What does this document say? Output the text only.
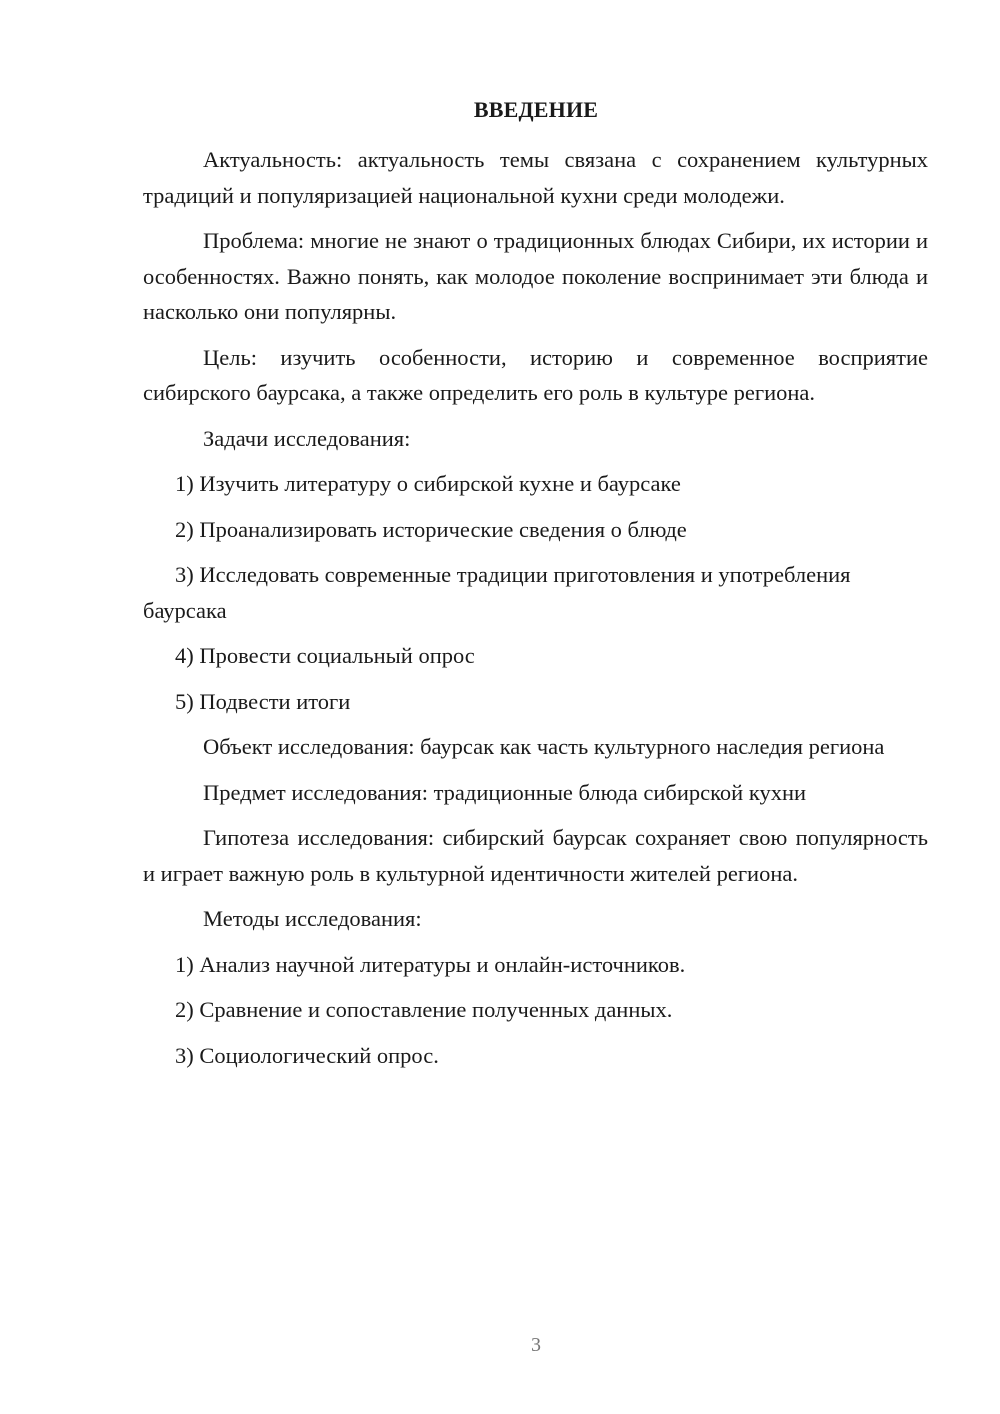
ВВЕДЕНИЕ

Актуальность: актуальность темы связана с сохранением культурных традиций и популяризацией национальной кухни среди молодежи.

Проблема: многие не знают о традиционных блюдах Сибири, их истории и особенностях. Важно понять, как молодое поколение воспринимает эти блюда и насколько они популярны.

Цель: изучить особенности, историю и современное восприятие сибирского баурсака, а также определить его роль в культуре региона.

Задачи исследования:

1) Изучить литературу о сибирской кухне и баурсаке

2) Проанализировать исторические сведения о блюде

3) Исследовать современные традиции приготовления и употребления баурсака

4) Провести социальный опрос

5) Подвести итоги

Объект исследования: баурсак как часть культурного наследия региона

Предмет исследования: традиционные блюда сибирской кухни

Гипотеза исследования: сибирский баурсак сохраняет свою популярность и играет важную роль в культурной идентичности жителей региона.

Методы исследования:

1) Анализ научной литературы и онлайн-источников.

2) Сравнение и сопоставление полученных данных.

3) Социологический опрос.

3
